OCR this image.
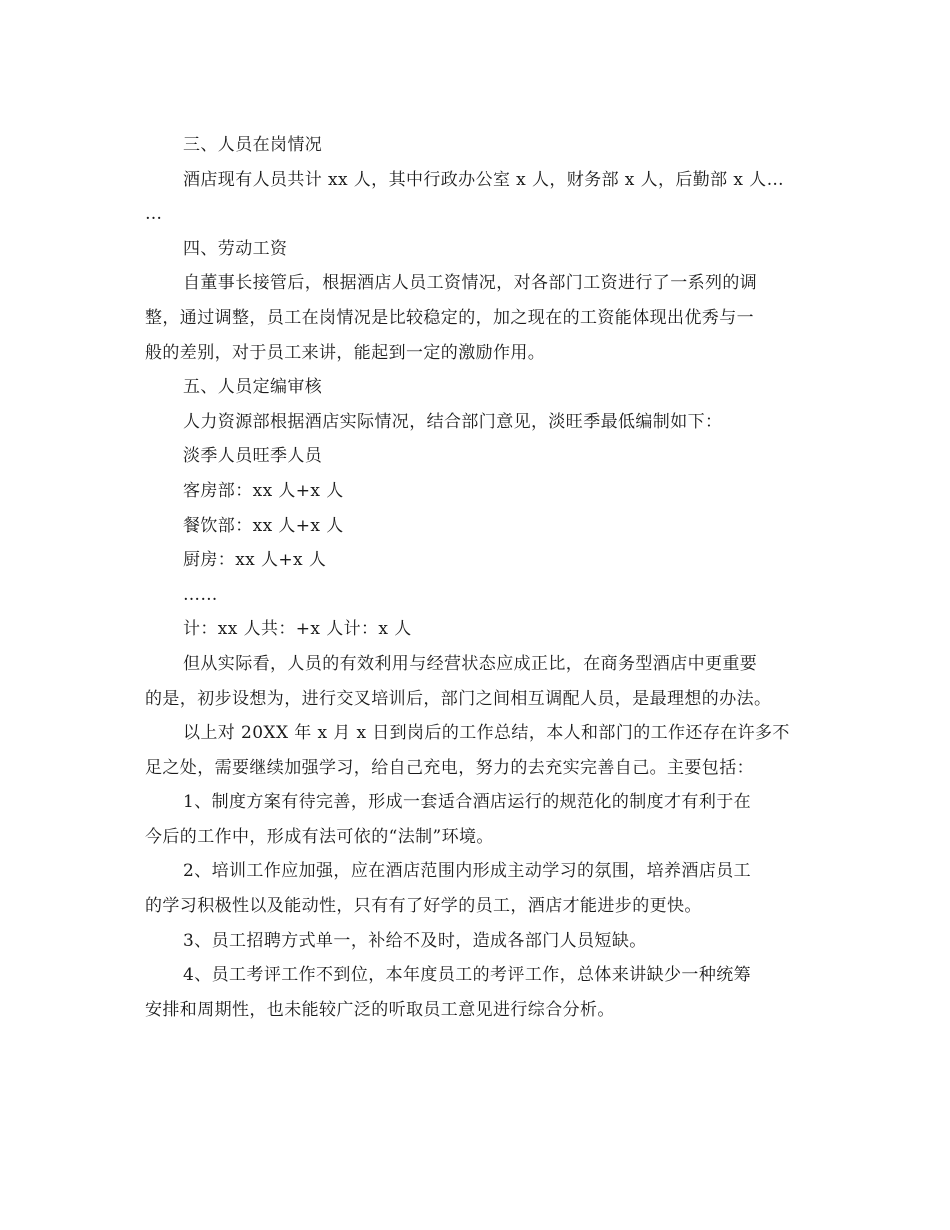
三、人员在岗情况
酒店现有人员共计 xx 人，其中行政办公室 x 人，财务部 x 人，后勤部 x 人…
…
四、劳动工资
自董事长接管后，根据酒店人员工资情况，对各部门工资进行了一系列的调
整，通过调整，员工在岗情况是比较稳定的，加之现在的工资能体现出优秀与一
般的差别，对于员工来讲，能起到一定的激励作用。
五、人员定编审核
人力资源部根据酒店实际情况，结合部门意见，淡旺季最低编制如下：
淡季人员旺季人员
客房部：xx 人+x 人
餐饮部：xx 人+x 人
厨房：xx 人+x 人
……
计：xx 人共：+x 人计：x 人
但从实际看，人员的有效利用与经营状态应成正比，在商务型酒店中更重要
的是，初步设想为，进行交叉培训后，部门之间相互调配人员，是最理想的办法。
以上对 20XX 年 x 月 x 日到岗后的工作总结，本人和部门的工作还存在许多不
足之处，需要继续加强学习，给自己充电，努力的去充实完善自己。主要包括：
1、制度方案有待完善，形成一套适合酒店运行的规范化的制度才有利于在
今后的工作中，形成有法可依的“法制”环境。
2、培训工作应加强，应在酒店范围内形成主动学习的氛围，培养酒店员工
的学习积极性以及能动性，只有有了好学的员工，酒店才能进步的更快。
3、员工招聘方式单一，补给不及时，造成各部门人员短缺。
4、员工考评工作不到位，本年度员工的考评工作，总体来讲缺少一种统筹
安排和周期性，也未能较广泛的听取员工意见进行综合分析。
